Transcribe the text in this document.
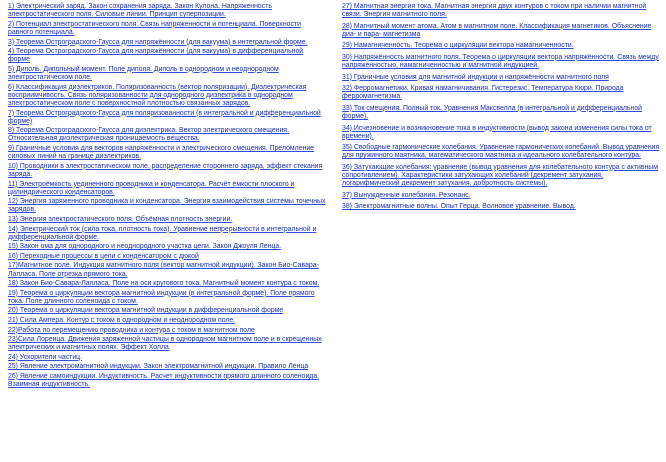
1) Электрический заряд. Закон сохранения заряда. Закон Кулона. Напряженность электростатического поля. Силовые линии. Принцип суперпозиции.
2) Потенциал электростатического поля. Связь напряженности и потенциала. Поверхности равного потенциала.
3) Теорема Остроградского-Гаусса для напряжённости (для вакуума) в интегральной форме.
4) Теорема Остроградского-Гаусса для напряжённости (для вакуума) в дифференциальной форме
5) Диполь. Дипольный момент. Поле диполя. Диполь в однородном и неоднородном электростатическом поле.
6) Классификация диэлектриков. Поляризованность (вектор поляризации). Диэлектрическая восприимчивость. Связь поляризованности для однородного диэлектрика в однородном электростатическом поле с поверхностной плотностью связанных зарядов.
7) Теорема Остроградского-Гаусса для поляризованности (в интегральной и дифференциальной форме)
8) Теорема Остроградского-Гаусса для диэлектрика. Вектор электрического смещения. Относительная диэлектрическая проницаемость вещества.
9) Граничные условия для векторов напряжённости и электрического смещения. Преломление силовых линий на границе диэлектриков.
10) Проводники в электростатическом поле, распределение стороннего заряда, эффект стекания заряда.
11) Электроёмкость уединенного проводника и конденсатора. Расчёт ёмкости плоского и цилиндрического конденсаторов.
12) Энергия заряженного проводника и конденсатора. Энергия взаимодействия системы точечных зарядов.
13) Энергия электростатического поля. Объёмная плотность энергии.
14) Электрический ток (сила тока, плотность тока). Уравнение непрерывности в интегральной и дифференциальной форме.
15) Закон ома для однородного и неоднородного участка цепи. Закон Джоуля Ленца.
16) Переходные процессы в цепи с конденсатором с дюкой
17)Магнитное поле. Индукция магнитного поля (вектор магнитной индукции). Закон Био-Савара-Лапласа. Поле отрезка прямого тока.
18) Закон Био-Савара-Лапласа. Поле на оси кругового тока. Магнитный момент контура с током.
19) Теорема о циркуляции вектора магнитной индукции (в интегральной форме). Поле прямого тока. Поле длинного соленоида с током.
20) Теорема о циркуляции вектора магнитной индукции в дифференциальной форме
21) Сила Ампера. Контур с током в однородном и неоднородном поле.
22)Работа по перемещению проводника и контура с током в магнитном поле
23)Сила Лоренца. Движения заряженной частицы в однородном магнитном поле и в скрещенных электрических и магнитных полях. Эффект Холла
24) Ускорители частиц.
25) Явление электромагнитной индукции. Закон электромагнитной индукции. Правило Ленца
26) Явление самоиндукции. Индуктивность. Расчет индуктивности прямого длинного соленоида. Взаимная индуктивность.
27) Магнитная энергия тока. Магнитная энергия двух контуров с током при наличии магнитной связи. Энергия магнитного поля.
28) Магнитный момент атома. Атом в магнитном поле. Классификация магнетиков. Объяснение диа- и пара- магнетизма
29) Намагниченность. Теорема о циркуляции вектора намагниченности.
30) Напряжённость магнитного поля. Теорема о циркуляции вектора напряжённости. Связь между напряжённостью, намагниченностью и магнитной индукцией.
31) Граничные условия для магнитной индукции и напряжённости магнитного поля
32) Ферромагнетики. Кривая намагничивания. Гистерезис. Температура Кюри. Природа ферромагнетизма.
33) Ток смещения. Полный ток. Уравнения Максвелла (в интегральной и дифференциальной форме).
34) Исчезновение и возникновение тока в индуктивности (вывод закона изменения силы тока от времени).
35) Свободные гармонические колебания. Уравнение гармонических колебаний. Вывод уравнения для пружинного маятника, математического маятника и идеального колебательного контура.
36) Затухающие колебания: уравнение (вывод уравнения для колебательного контура с активным сопротивлением). Характеристики затухающих колебаний (декремент затухания, логарифмический декремент затухания, добротность системы).
37) Вынужденные колебания. Резонанс.
38) Электромагнитные волны. Опыт Герца. Волновое уравнение. Вывод.
